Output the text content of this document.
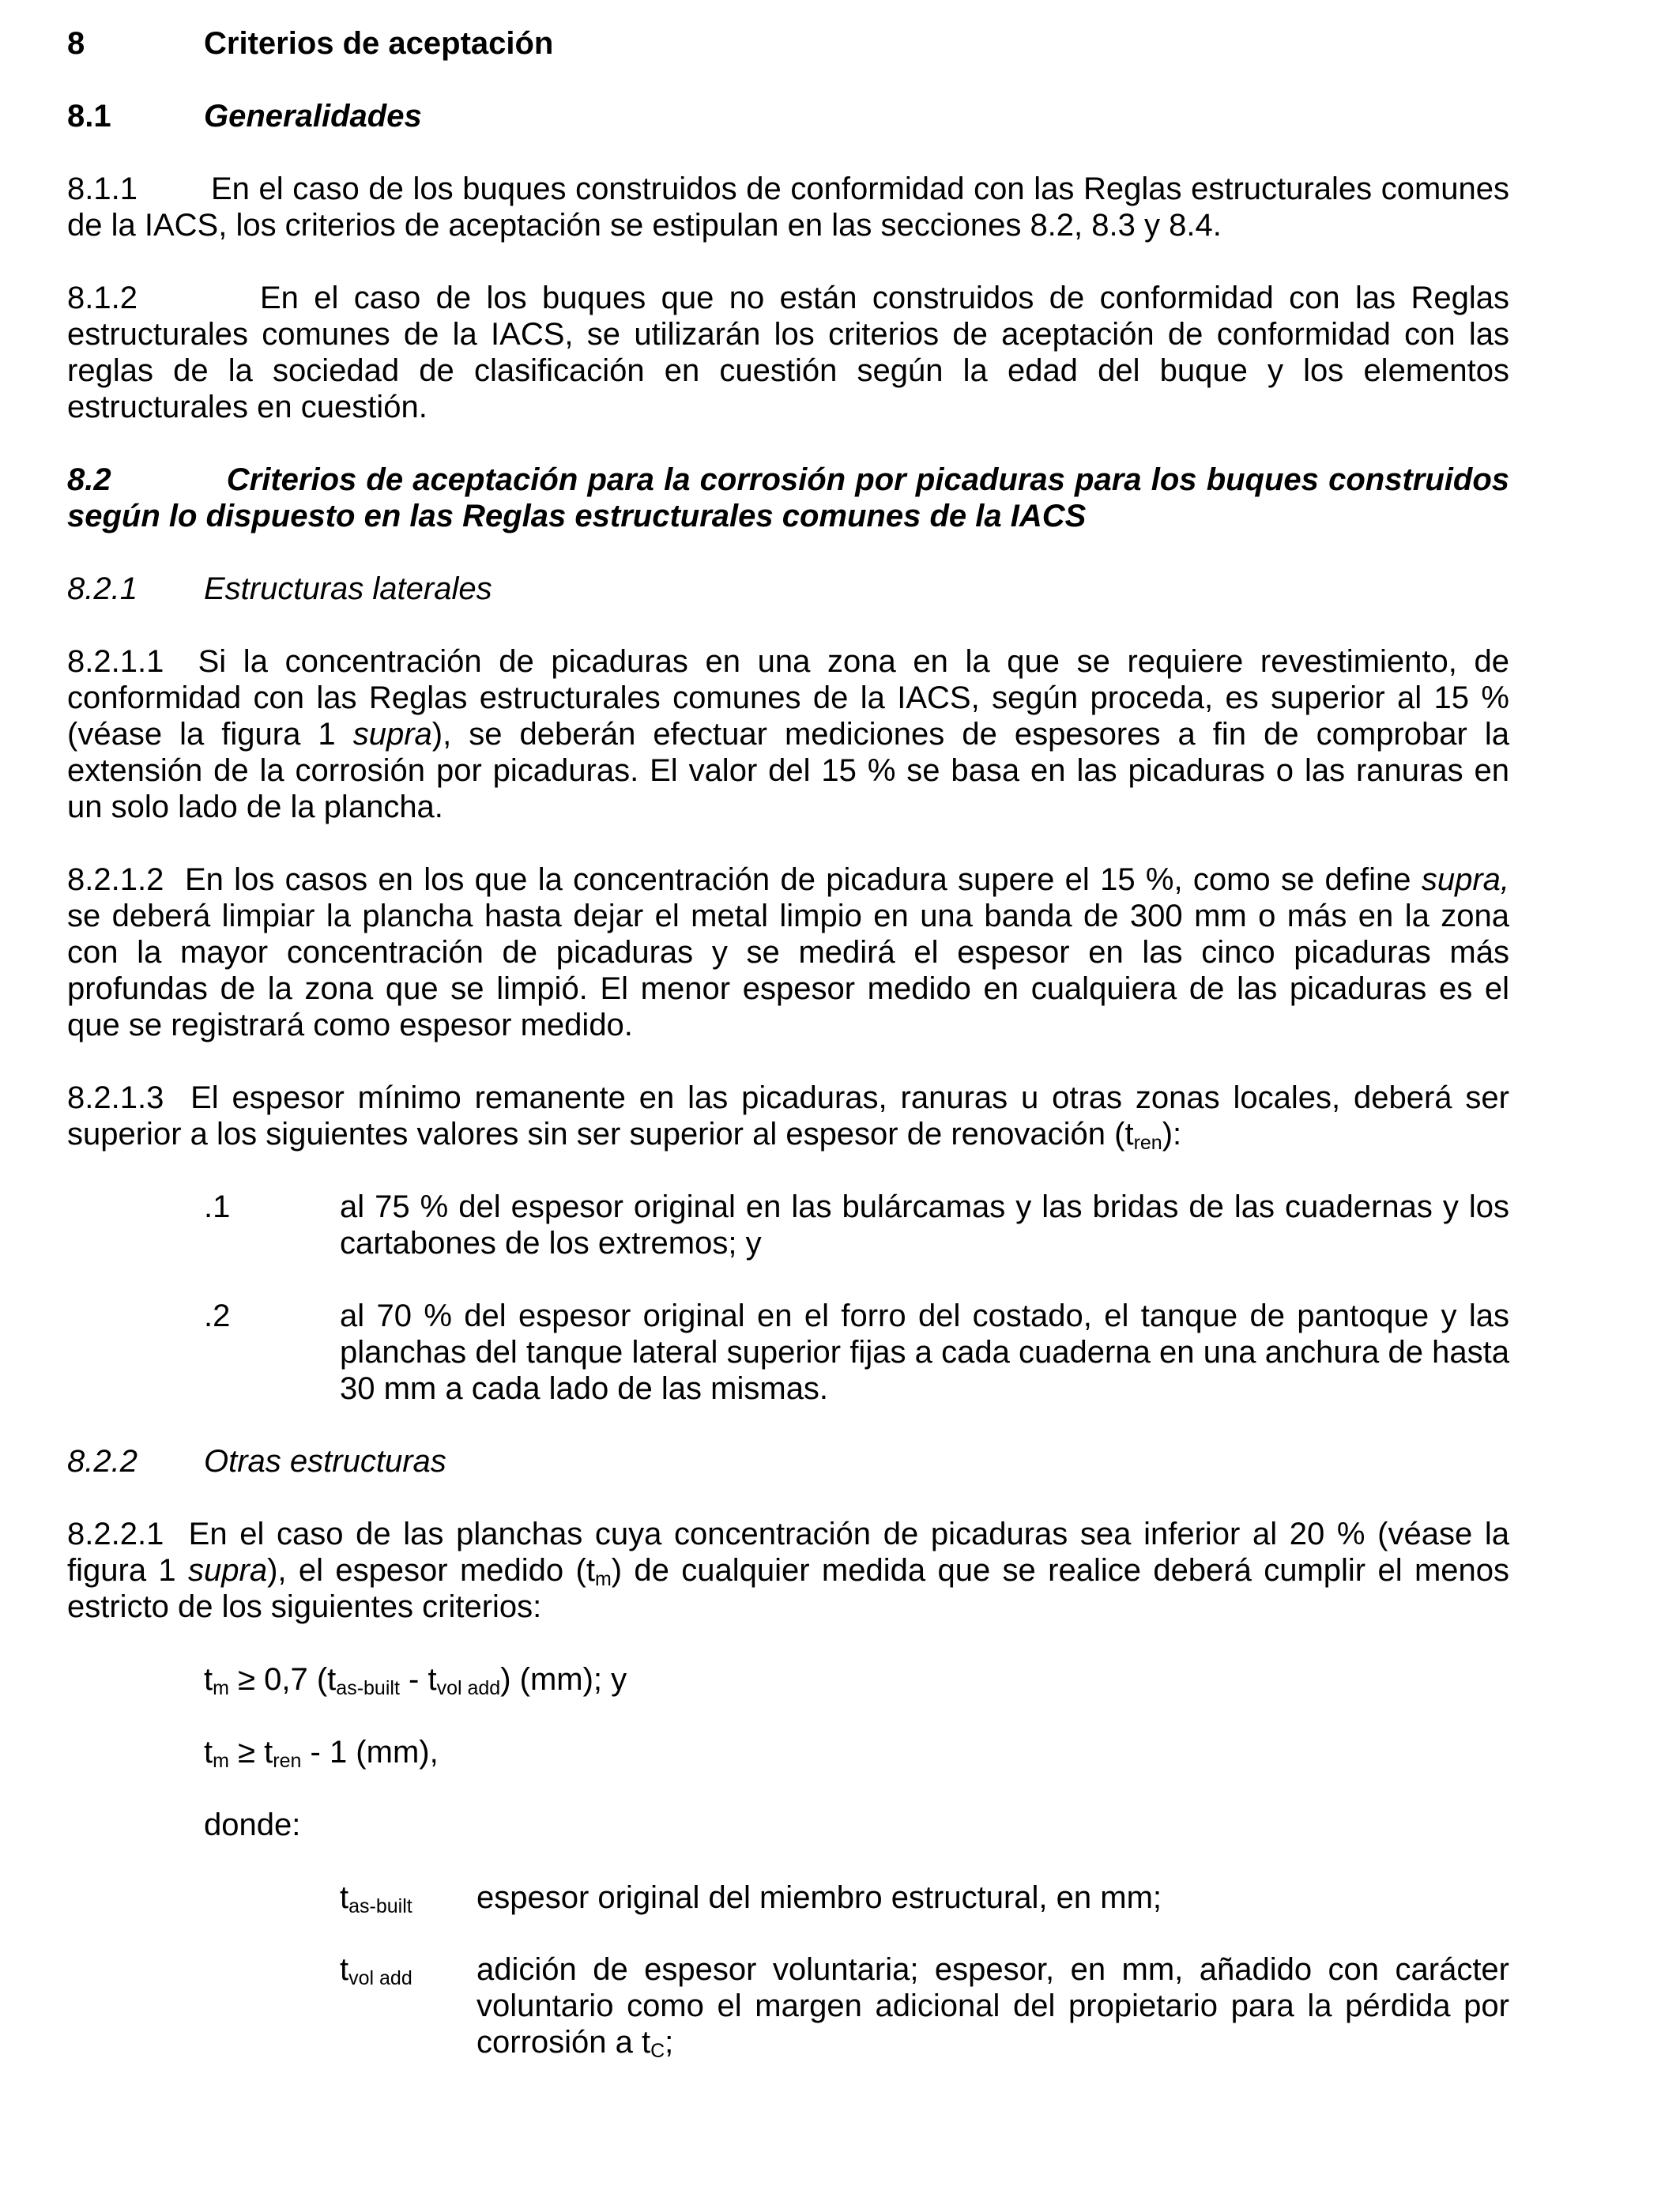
8	Criterios de aceptación
8.1	Generalidades

8.1.1 En el caso de los buques construidos de conformidad con las Reglas estructurales comunes de la IACS, los criterios de aceptación se estipulan en las secciones 8.2, 8.3 y 8.4.

8.1.2	En el caso de los buques que no están construidos de conformidad con las Reglas estructurales comunes de la IACS, se utilizarán los criterios de aceptación de conformidad con las reglas de la sociedad de clasificación en cuestión según la edad del buque y los elementos estructurales en cuestión.

8.2	Criterios de aceptación para la corrosión por picaduras para los buques construidos según lo dispuesto en las Reglas estructurales comunes de la IACS

8.2.1	Estructuras laterales

8.2.1.1 Si la concentración de picaduras en una zona en la que se requiere revestimiento, de conformidad con las Reglas estructurales comunes de la IACS, según proceda, es superior al 15 % (véase la figura 1 supra), se deberán efectuar mediciones de espesores a fin de comprobar la extensión de la corrosión por picaduras. El valor del 15 % se basa en las picaduras o las ranuras en un solo lado de la plancha.

8.2.1.2 En los casos en los que la concentración de picadura supere el 15 %, como se define supra, se deberá limpiar la plancha hasta dejar el metal limpio en una banda de 300 mm o más en la zona con la mayor concentración de picaduras y se medirá el espesor en las cinco picaduras más profundas de la zona que se limpió. El menor espesor medido en cualquiera de las picaduras es el que se registrará como espesor medido.

8.2.1.3 El espesor mínimo remanente en las picaduras, ranuras u otras zonas locales, deberá ser superior a los siguientes valores sin ser superior al espesor de renovación $(t_{ren})$:

.1	al 75 % del espesor original en las bulárcamas y las bridas de las cuadernas y los cartabones de los extremos; y
.2	al 70 % del espesor original en el forro del costado, el tanque de pantoque y las planchas del tanque lateral superior fijas a cada cuaderna en una anchura de hasta 30 mm a cada lado de las mismas.
8.2.2	Otras estructuras

8.2.2.1 En el caso de las planchas cuya concentración de picaduras sea inferior al 20 % (véase la figura 1 supra), el espesor medido $(t_m)$ de cualquier medida que se realice deberá cumplir el menos estricto de los siguientes criterios:

$t_m \ge 0,7$ $(t_{as-built} - t_{vol add})$ (mm); y
$t_m \ge t_{ren} - 1$ (mm),
donde:
$t_{as-built}$	espesor original del miembro estructural, en mm;
$t_{vol add}$	adición de espesor voluntaria; espesor, en mm, añadido con carácter voluntario como el margen adicional del propietario para la pérdida por corrosión a $t_C$;
